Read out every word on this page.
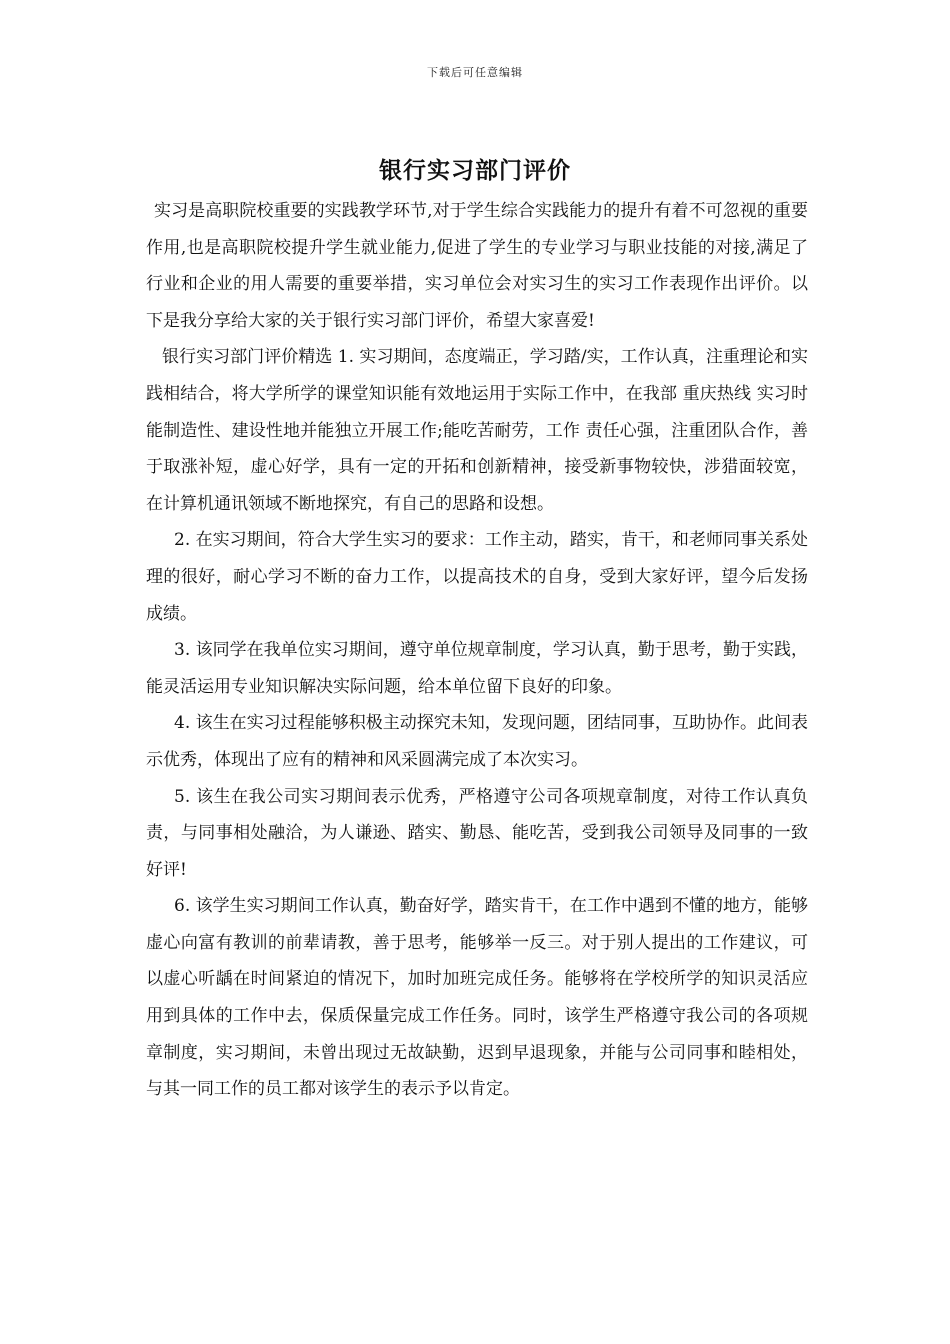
下载后可任意编辑
银行实习部门评价

实习是高职院校重要的实践教学环节,对于学生综合实践能力的提升有着不可忽视的重要作用,也是高职院校提升学生就业能力,促进了学生的专业学习与职业技能的对接,满足了行业和企业的用人需要的重要举措，实习单位会对实习生的实习工作表现作出评价。以下是我分享给大家的关于银行实习部门评价，希望大家喜爱!

银行实习部门评价精选 1. 实习期间，态度端正，学习踏/实，工作认真，注重理论和实践相结合，将大学所学的课堂知识能有效地运用于实际工作中，在我部 重庆热线 实习时能制造性、建设性地并能独立开展工作;能吃苦耐劳，工作 责任心强，注重团队合作，善于取涨补短，虚心好学，具有一定的开拓和创新精神，接受新事物较快，涉猎面较宽，在计算机通讯领域不断地探究，有自己的思路和设想。

2. 在实习期间，符合大学生实习的要求：工作主动，踏实，肯干，和老师同事关系处理的很好，耐心学习不断的奋力工作，以提高技术的自身，受到大家好评，望今后发扬成绩。

3. 该同学在我单位实习期间，遵守单位规章制度，学习认真，勤于思考，勤于实践，能灵活运用专业知识解决实际问题，给本单位留下良好的印象。

4. 该生在实习过程能够积极主动探究未知，发现问题，团结同事，互助协作。此间表示优秀，体现出了应有的精神和风采圆满完成了本次实习。

5. 该生在我公司实习期间表示优秀，严格遵守公司各项规章制度，对待工作认真负责，与同事相处融洽，为人谦逊、踏实、勤恳、能吃苦，受到我公司领导及同事的一致好评!

6. 该学生实习期间工作认真，勤奋好学，踏实肯干，在工作中遇到不懂的地方，能够虚心向富有教训的前辈请教，善于思考，能够举一反三。对于别人提出的工作建议，可以虚心听龋在时间紧迫的情况下，加时加班完成任务。能够将在学校所学的知识灵活应用到具体的工作中去，保质保量完成工作任务。同时，该学生严格遵守我公司的各项规章制度，实习期间，未曾出现过无故缺勤，迟到早退现象，并能与公司同事和睦相处，与其一同工作的员工都对该学生的表示予以肯定。
